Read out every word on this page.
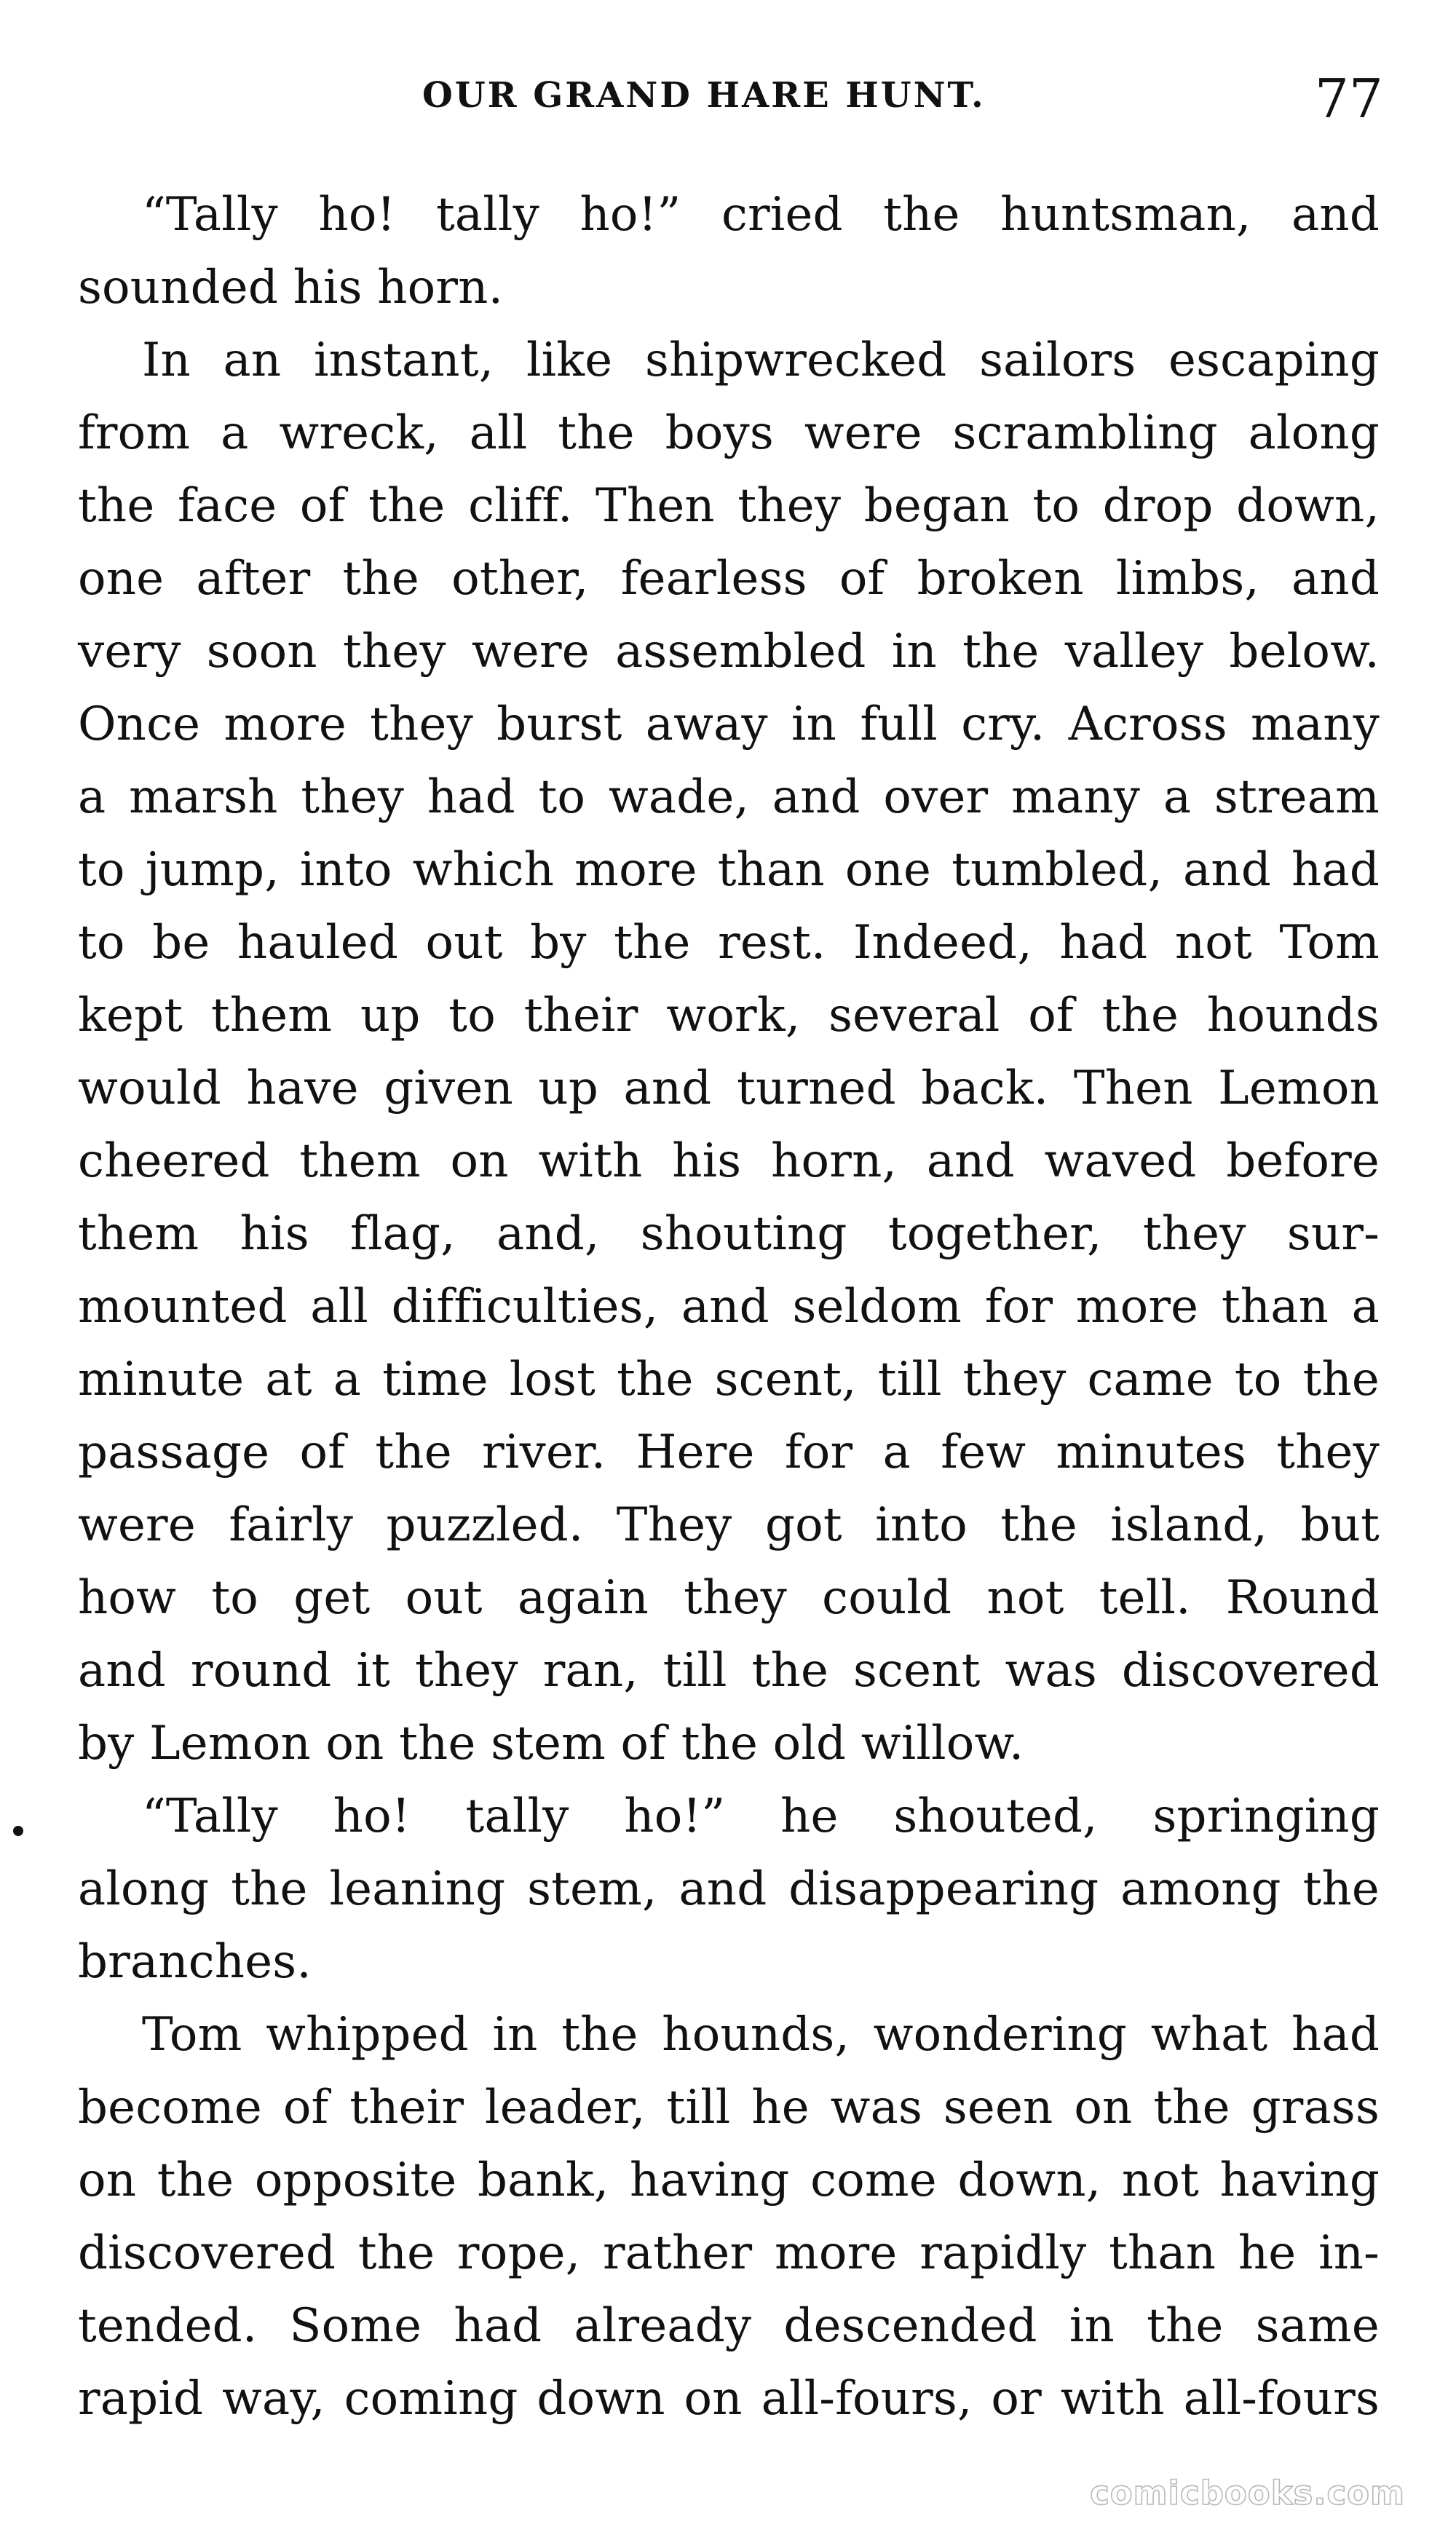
OUR GRAND HARE HUNT.	77

“Tally ho! tally ho!” cried the huntsman, and
sounded his horn.

In an instant, like shipwrecked sailors escaping
from a wreck, all the boys were scrambling along
the face of the cliff. Then they began to drop down,
one after the other, fearless of broken limbs, and
very soon they were assembled in the valley below.
Once more they burst away in full cry. Across many
a marsh they had to wade, and over many a stream
to jump, into which more than one tumbled, and had
to be hauled out by the rest. Indeed, had not Tom
kept them up to their work, several of the hounds
would have given up and turned back. Then Lemon
cheered them on with his horn, and waved before
them his flag, and, shouting together, they sur-
mounted all difficulties, and seldom for more than a
minute at a time lost the scent, till they came to the
passage of the river. Here for a few minutes they
were fairly puzzled. They got into the island, but
how to get out again they could not tell. Round
and round it they ran, till the scent was discovered
by Lemon on the stem of the old willow.

“Tally ho! tally ho!” he shouted, springing
along the leaning stem, and disappearing among the
branches.

Tom whipped in the hounds, wondering what had
become of their leader, till he was seen on the grass
on the opposite bank, having come down, not having
discovered the rope, rather more rapidly than he in-
tended. Some had already descended in the same
rapid way, coming down on all-fours, or with all-fours

comicbooks.com
